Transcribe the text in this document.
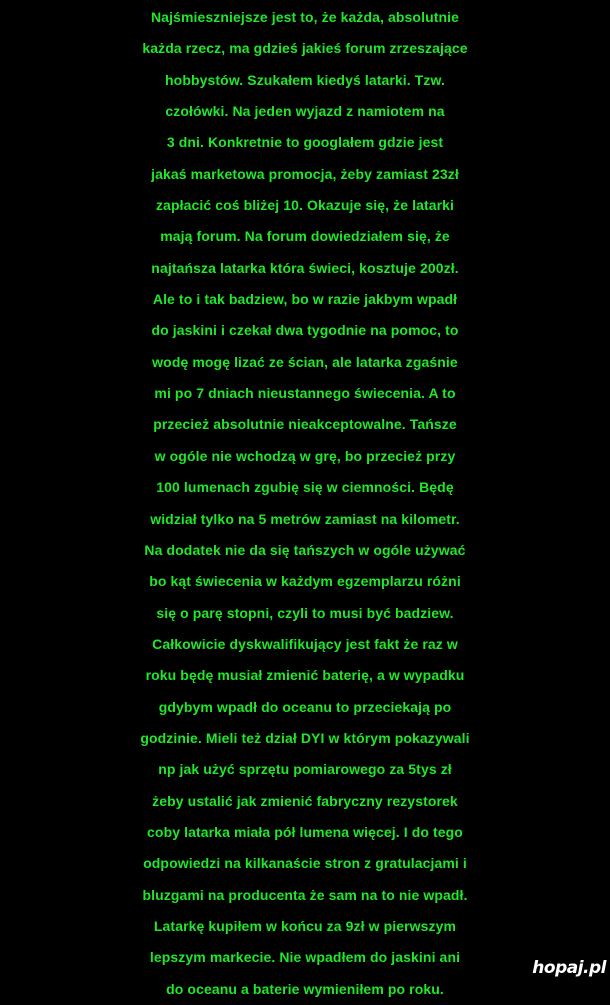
Najśmieszniejsze jest to, że każda, absolutnie
każda rzecz, ma gdzieś jakieś forum zrzeszające
hobbystów. Szukałem kiedyś latarki. Tzw.
czołówki. Na jeden wyjazd z namiotem na
3 dni. Konkretnie to googlałem gdzie jest
jakaś marketowa promocja, żeby zamiast 23zł
zapłacić coś bliżej 10. Okazuje się, że latarki
mają forum. Na forum dowiedziałem się, że
najtańsza latarka która świeci, kosztuje 200zł.
Ale to i tak badziew, bo w razie jakbym wpadł
do jaskini i czekał dwa tygodnie na pomoc, to
wodę mogę lizać ze ścian, ale latarka zgaśnie
mi po 7 dniach nieustannego świecenia. A to
przecież absolutnie nieakceptowalne. Tańsze
w ogóle nie wchodzą w grę, bo przecież przy
100 lumenach zgubię się w ciemności. Będę
widział tylko na 5 metrów zamiast na kilometr.
Na dodatek nie da się tańszych w ogóle używać
bo kąt świecenia w każdym egzemplarzu różni
się o parę stopni, czyli to musi być badziew.
Całkowicie dyskwalifikujący jest fakt że raz w
roku będę musiał zmienić baterię, a w wypadku
gdybym wpadł do oceanu to przeciekają po
godzinie. Mieli też dział DYI w którym pokazywali
np jak użyć sprzętu pomiarowego za 5tys zł
żeby ustalić jak zmienić fabryczny rezystorek
coby latarka miała pół lumena więcej. I do tego
odpowiedzi na kilkanaście stron z gratulacjami i
bluzgami na producenta że sam na to nie wpadł.
Latarkę kupiłem w końcu za 9zł w pierwszym
lepszym markecie. Nie wpadłem do jaskini ani
do oceanu a baterie wymieniłem po roku.
hopaj.pl
